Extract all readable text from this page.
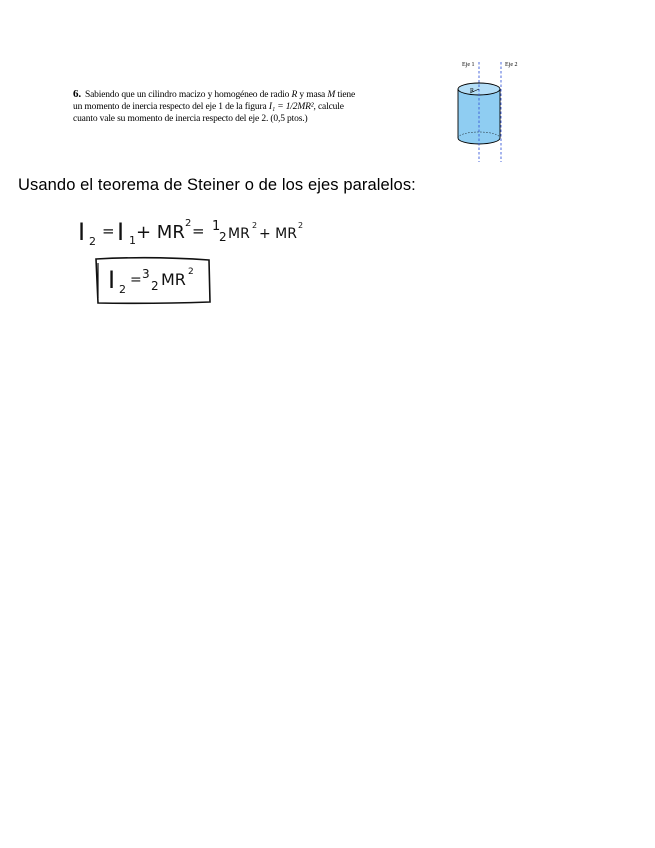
6. Sabiendo que un cilindro macizo y homogéneo de radio R y masa M tiene
un momento de inercia respecto del eje 1 de la figura I₁ = 1/2MR², calcule
cuanto vale su momento de inercia respecto del eje 2. (0,5 ptos.)
Eje 1	Eje 2
R
Usando el teorema de Steiner o de los ejes paralelos:
I 2
= I 1 + MR 2 = 1
2 MR
2
+ MR
2
I 2
= 3
2 MR 2
